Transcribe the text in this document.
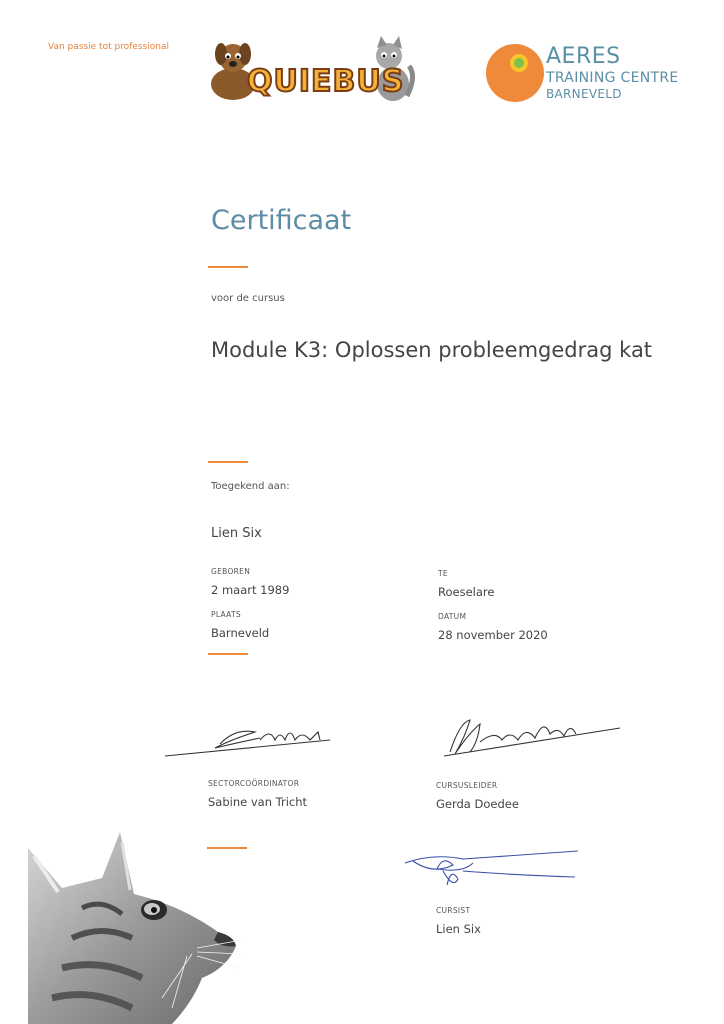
Van passie tot professional
QUIEBUS
AERES
TRAINING CENTRE
BARNEVELD
Certificaat
voor de cursus
Module K3: Oplossen probleemgedrag kat
Toegekend aan:
Lien Six
GEBOREN
2 maart 1989
PLAATS
Barneveld
TE
Roeselare
DATUM
28 november 2020
SECTORCOÖRDINATOR
Sabine van Tricht
CURSUSLEIDER
Gerda Doedee
CURSIST
Lien Six
